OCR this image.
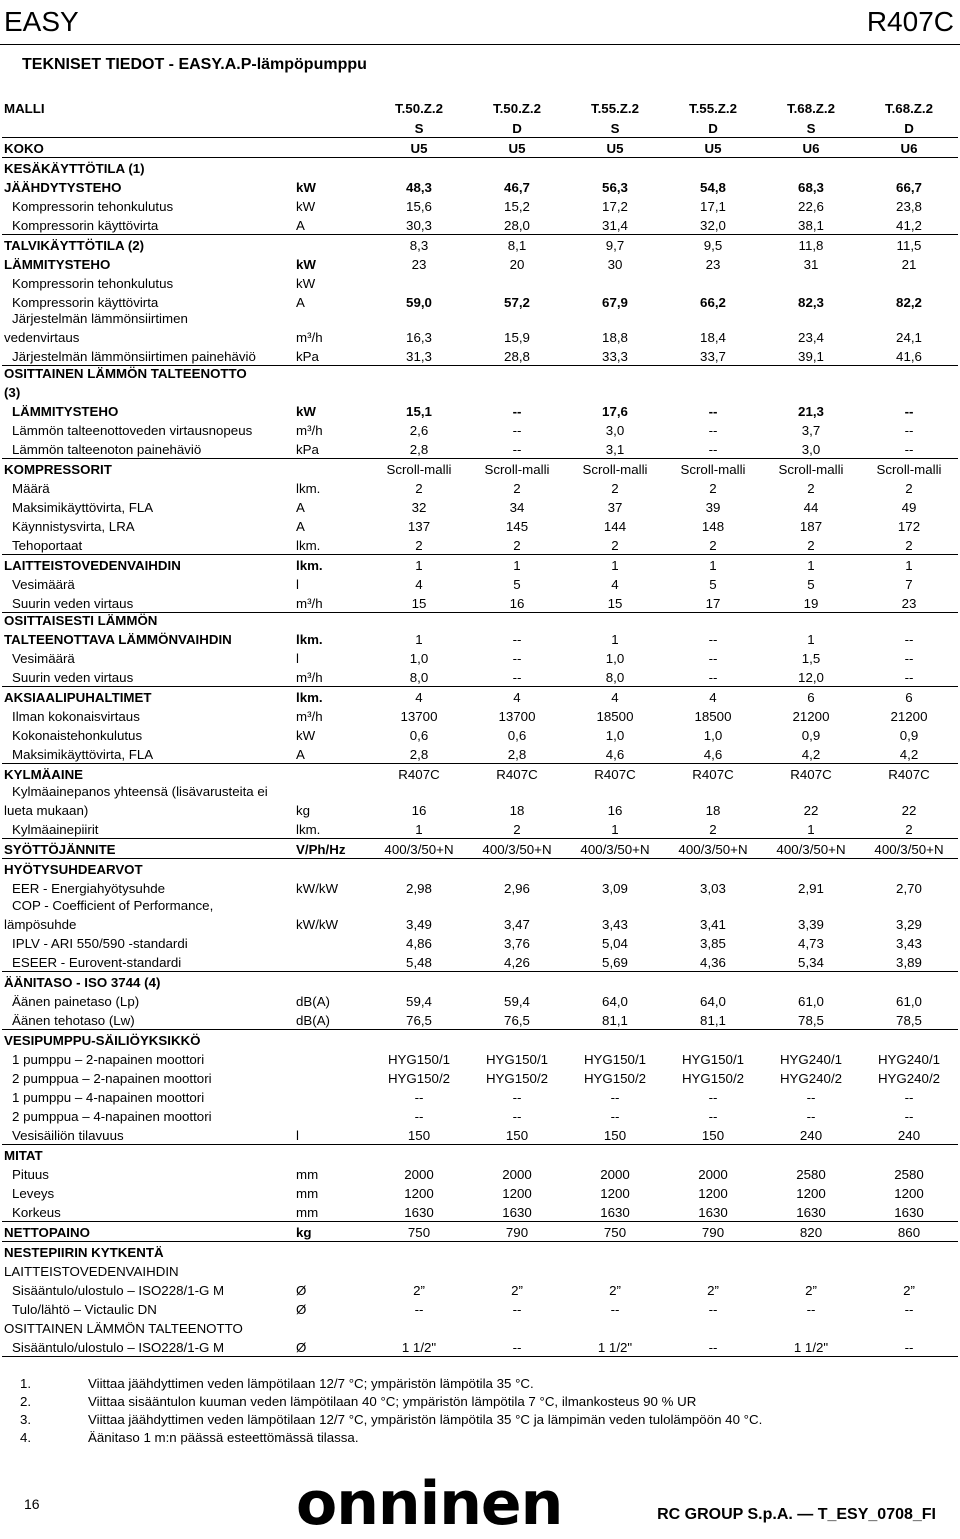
EASY	R407C
TEKNISET TIEDOT - EASY.A.P-lämpöpumppu
MALLI		T.50.Z.2	T.50.Z.2	T.55.Z.2	T.55.Z.2	T.68.Z.2	T.68.Z.2
		S	D	S	D	S	D
KOKO		U5	U5	U5	U5	U6	U6
KESÄKÄYTTÖTILA (1)							
JÄÄHDYTYSTEHO	kW	48,3	46,7	56,3	54,8	68,3	66,7
Kompressorin tehonkulutus	kW	15,6	15,2	17,2	17,1	22,6	23,8
Kompressorin käyttövirta	A	30,3	28,0	31,4	32,0	38,1	41,2
TALVIKÄYTTÖTILA (2)		8,3	8,1	9,7	9,5	11,8	11,5
LÄMMITYSTEHO	kW	23	20	30	23	31	21
Kompressorin tehonkulutus	kW						
Kompressorin käyttövirta	A	59,0	57,2	67,9	66,2	82,3	82,2
Järjestelmän lämmönsiirtimen							
vedenvirtaus	m³/h	16,3	15,9	18,8	18,4	23,4	24,1
Järjestelmän lämmönsiirtimen painehäviö	kPa	31,3	28,8	33,3	33,7	39,1	41,6
OSITTAINEN LÄMMÖN TALTEENOTTO							
(3)							
LÄMMITYSTEHO	kW	15,1	--	17,6	--	21,3	--
Lämmön talteenottoveden virtausnopeus	m³/h	2,6	--	3,0	--	3,7	--
Lämmön talteenoton painehäviö	kPa	2,8	--	3,1	--	3,0	--
KOMPRESSORIT		Scroll-malli	Scroll-malli	Scroll-malli	Scroll-malli	Scroll-malli	Scroll-malli
Määrä	lkm.	2	2	2	2	2	2
Maksimikäyttövirta, FLA	A	32	34	37	39	44	49
Käynnistysvirta, LRA	A	137	145	144	148	187	172
Tehoportaat	lkm.	2	2	2	2	2	2
LAITTEISTOVEDENVAIHDIN	lkm.	1	1	1	1	1	1
Vesimäärä	l	4	5	4	5	5	7
Suurin veden virtaus	m³/h	15	16	15	17	19	23
OSITTAISESTI LÄMMÖN							
TALTEENOTTAVA LÄMMÖNVAIHDIN	lkm.	1	--	1	--	1	--
Vesimäärä	l	1,0	--	1,0	--	1,5	--
Suurin veden virtaus	m³/h	8,0	--	8,0	--	12,0	--
AKSIAALIPUHALTIMET	lkm.	4	4	4	4	6	6
Ilman kokonaisvirtaus	m³/h	13700	13700	18500	18500	21200	21200
Kokonaistehonkulutus	kW	0,6	0,6	1,0	1,0	0,9	0,9
Maksimikäyttövirta, FLA	A	2,8	2,8	4,6	4,6	4,2	4,2
KYLMÄAINE		R407C	R407C	R407C	R407C	R407C	R407C
Kylmäainepanos yhteensä (lisävarusteita ei							
lueta mukaan)	kg	16	18	16	18	22	22
Kylmäainepiirit	lkm.	1	2	1	2	1	2
SYÖTTÖJÄNNITE	V/Ph/Hz	400/3/50+N	400/3/50+N	400/3/50+N	400/3/50+N	400/3/50+N	400/3/50+N
HYÖTYSUHDEARVOT							
EER - Energiahyötysuhde	kW/kW	2,98	2,96	3,09	3,03	2,91	2,70
COP - Coefficient of Performance,							
lämpösuhde	kW/kW	3,49	3,47	3,43	3,41	3,39	3,29
IPLV - ARI 550/590 -standardi		4,86	3,76	5,04	3,85	4,73	3,43
ESEER - Eurovent-standardi		5,48	4,26	5,69	4,36	5,34	3,89
ÄÄNITASO - ISO 3744 (4)							
Äänen painetaso (Lp)	dB(A)	59,4	59,4	64,0	64,0	61,0	61,0
Äänen tehotaso (Lw)	dB(A)	76,5	76,5	81,1	81,1	78,5	78,5
VESIPUMPPU-SÄILIÖYKSIKKÖ							
1 pumppu – 2-napainen moottori		HYG150/1	HYG150/1	HYG150/1	HYG150/1	HYG240/1	HYG240/1
2 pumppua – 2-napainen moottori		HYG150/2	HYG150/2	HYG150/2	HYG150/2	HYG240/2	HYG240/2
1 pumppu – 4-napainen moottori		--	--	--	--	--	--
2 pumppua – 4-napainen moottori		--	--	--	--	--	--
Vesisäiliön tilavuus	l	150	150	150	150	240	240
MITAT							
Pituus	mm	2000	2000	2000	2000	2580	2580
Leveys	mm	1200	1200	1200	1200	1200	1200
Korkeus	mm	1630	1630	1630	1630	1630	1630
NETTOPAINO	kg	750	790	750	790	820	860
NESTEPIIRIN KYTKENTÄ							
LAITTEISTOVEDENVAIHDIN							
Sisääntulo/ulostulo – ISO228/1-G M	Ø	2”	2”	2”	2”	2”	2”
Tulo/lähtö – Victaulic DN	Ø	--	--	--	--	--	--
OSITTAINEN LÄMMÖN TALTEENOTTO							
Sisääntulo/ulostulo – ISO228/1-G M	Ø	1 1/2"	--	1 1/2"	--	1 1/2"	--
1.	Viittaa jäähdyttimen veden lämpötilaan 12/7 °C; ympäristön lämpötila 35 °C.
2.	Viittaa sisääntulon kuuman veden lämpötilaan 40 °C; ympäristön lämpötila 7 °C, ilmankosteus 90 % UR
3.	Viittaa jäähdyttimen veden lämpötilaan 12/7 °C, ympäristön lämpötila 35 °C ja lämpimän veden tulolämpöön 40 °C.
4.	Äänitaso 1 m:n päässä esteettömässä tilassa.
16	onninen	RC GROUP S.p.A. — T_ESY_0708_FI
